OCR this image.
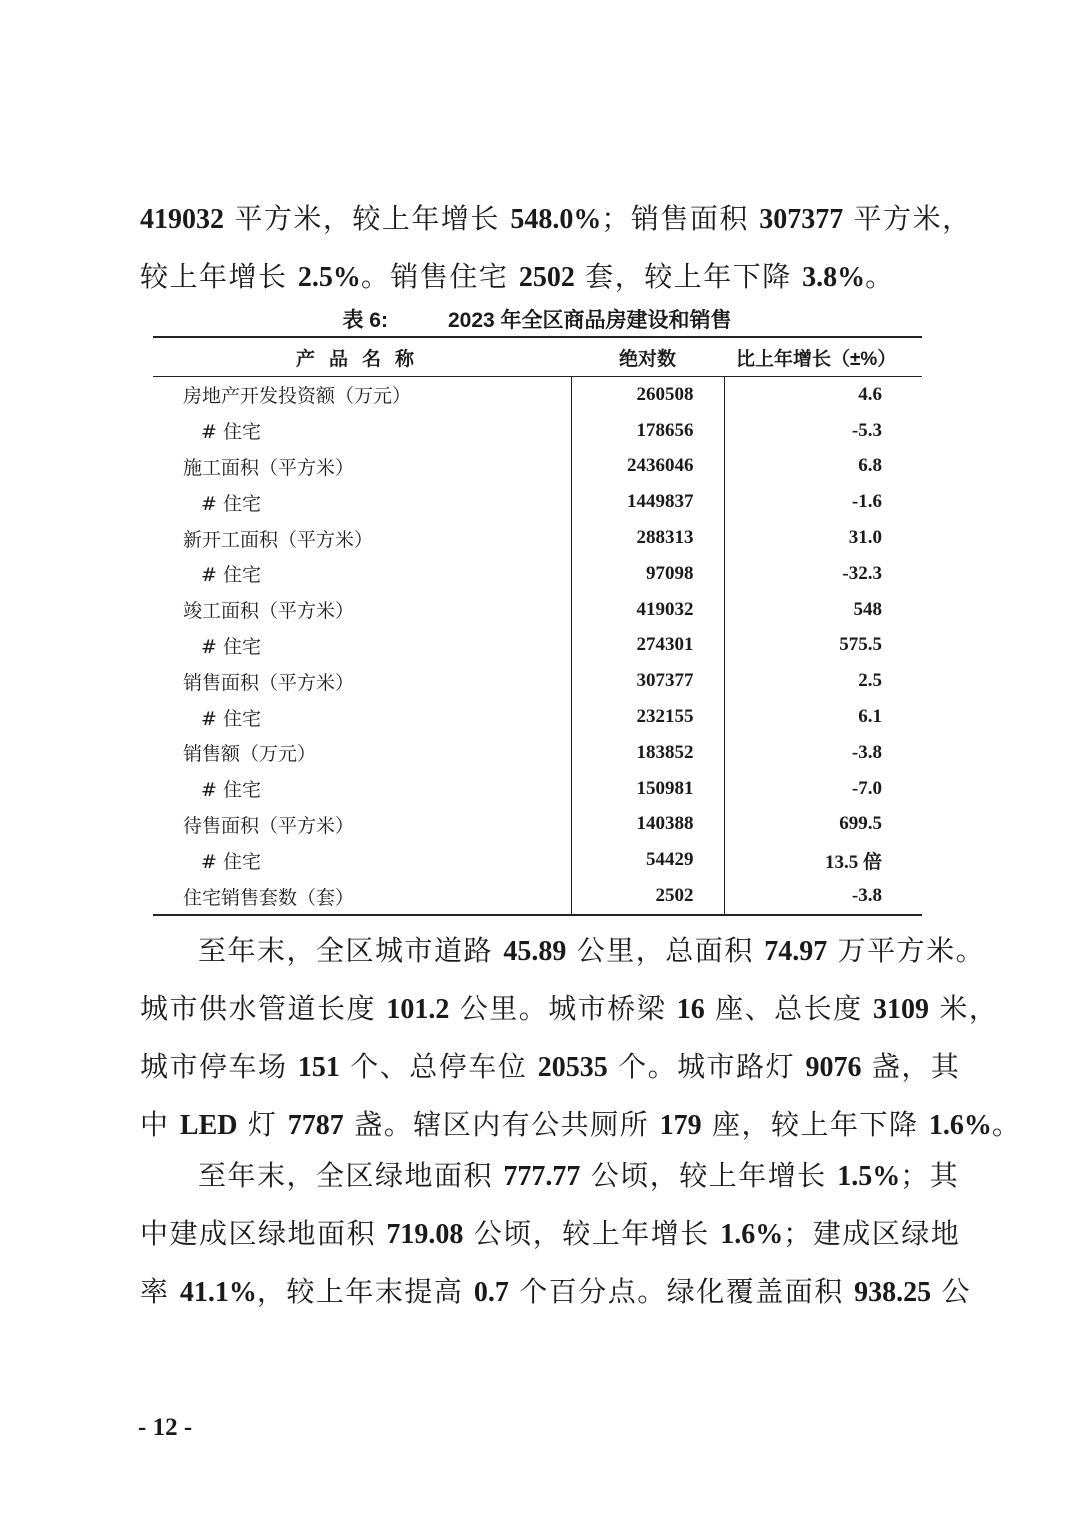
419032 平方米，较上年增长 548.0%；销售面积 307377 平方米，
较上年增长 2.5%。销售住宅 2502 套，较上年下降 3.8%。
表 6:	2023 年全区商品房建设和销售
产品名称	绝对数	比上年增长（±%）
房地产开发投资额（万元）	260508	4.6
# 住宅	178656	-5.3
施工面积（平方米）	2436046	6.8
# 住宅	1449837	-1.6
新开工面积（平方米）	288313	31.0
# 住宅	97098	-32.3
竣工面积（平方米）	419032	548
# 住宅	274301	575.5
销售面积（平方米）	307377	2.5
# 住宅	232155	6.1
销售额（万元）	183852	-3.8
# 住宅	150981	-7.0
待售面积（平方米）	140388	699.5
# 住宅	54429	13.5 倍
住宅销售套数（套）	2502	-3.8
至年末，全区城市道路 45.89 公里，总面积 74.97 万平方米。
城市供水管道长度 101.2 公里。城市桥梁 16 座、总长度 3109 米，
城市停车场 151 个、总停车位 20535 个。城市路灯 9076 盏，其
中 LED 灯 7787 盏。辖区内有公共厕所 179 座，较上年下降 1.6%。
至年末，全区绿地面积 777.77 公顷，较上年增长 1.5%；其
中建成区绿地面积 719.08 公顷，较上年增长 1.6%；建成区绿地
率 41.1%，较上年末提高 0.7 个百分点。绿化覆盖面积 938.25 公
- 12 -
